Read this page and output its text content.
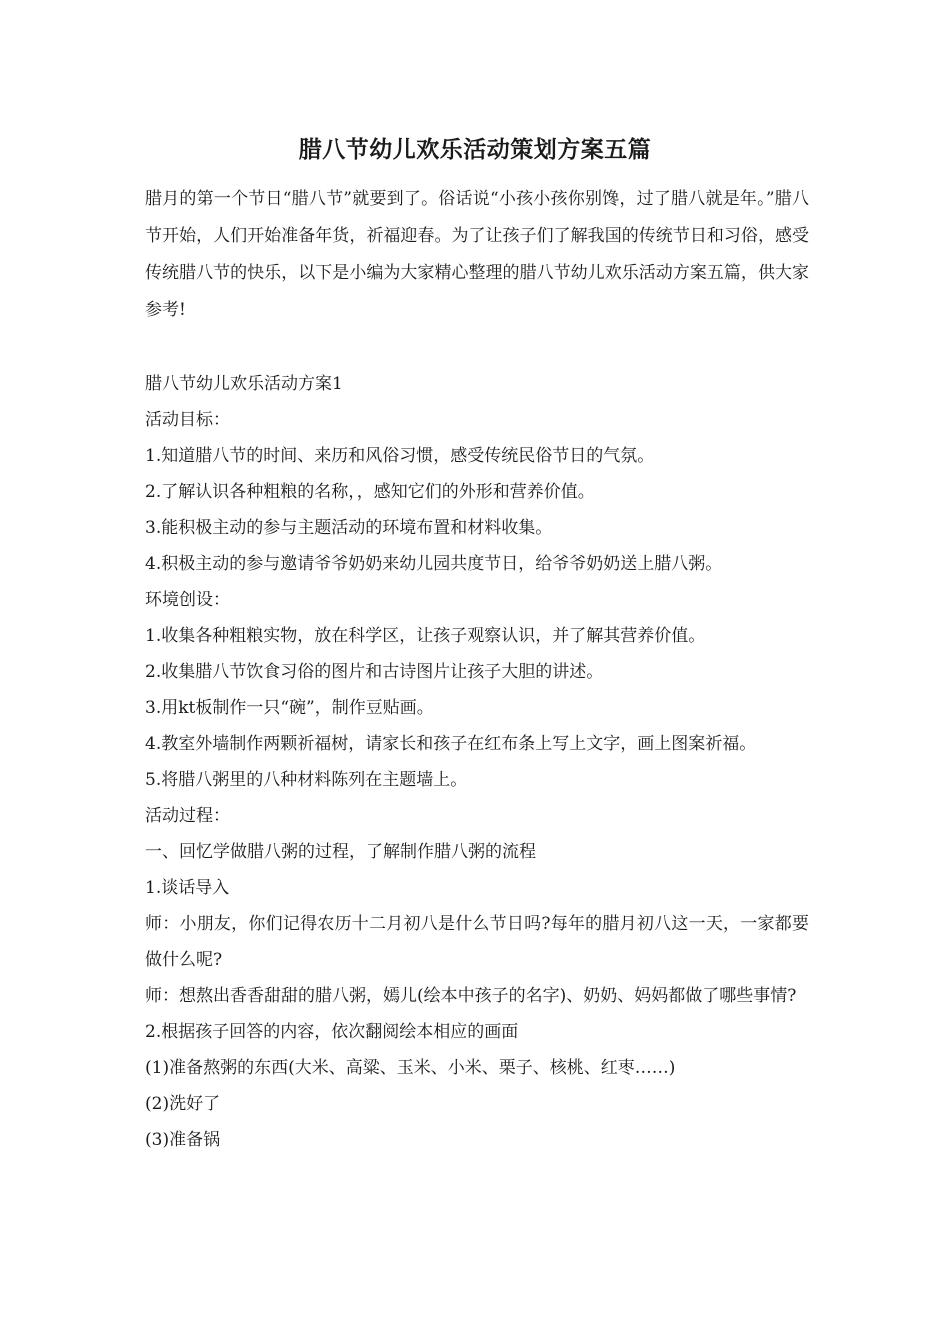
腊八节幼儿欢乐活动策划方案五篇

腊月的第一个节日“腊八节”就要到了。俗话说“小孩小孩你别馋，过了腊八就是年。”腊八节开始，人们开始准备年货，祈福迎春。为了让孩子们了解我国的传统节日和习俗，感受传统腊八节的快乐，以下是小编为大家精心整理的腊八节幼儿欢乐活动方案五篇，供大家参考!

腊八节幼儿欢乐活动方案1
活动目标：
1.知道腊八节的时间、来历和风俗习惯，感受传统民俗节日的气氛。
2.了解认识各种粗粮的名称，，感知它们的外形和营养价值。
3.能积极主动的参与主题活动的环境布置和材料收集。
4.积极主动的参与邀请爷爷奶奶来幼儿园共度节日，给爷爷奶奶送上腊八粥。
环境创设：
1.收集各种粗粮实物，放在科学区，让孩子观察认识，并了解其营养价值。
2.收集腊八节饮食习俗的图片和古诗图片让孩子大胆的讲述。
3.用kt板制作一只“碗”，制作豆贴画。
4.教室外墙制作两颗祈福树，请家长和孩子在红布条上写上文字，画上图案祈福。
5.将腊八粥里的八种材料陈列在主题墙上。
活动过程：
一、回忆学做腊八粥的过程，了解制作腊八粥的流程
1.谈话导入
师：小朋友，你们记得农历十二月初八是什么节日吗?每年的腊月初八这一天，一家都要做什么呢?
师：想熬出香香甜甜的腊八粥，嫣儿(绘本中孩子的名字)、奶奶、妈妈都做了哪些事情?
2.根据孩子回答的内容，依次翻阅绘本相应的画面
(1)准备熬粥的东西(大米、高粱、玉米、小米、栗子、核桃、红枣……)
(2)洗好了
(3)准备锅
